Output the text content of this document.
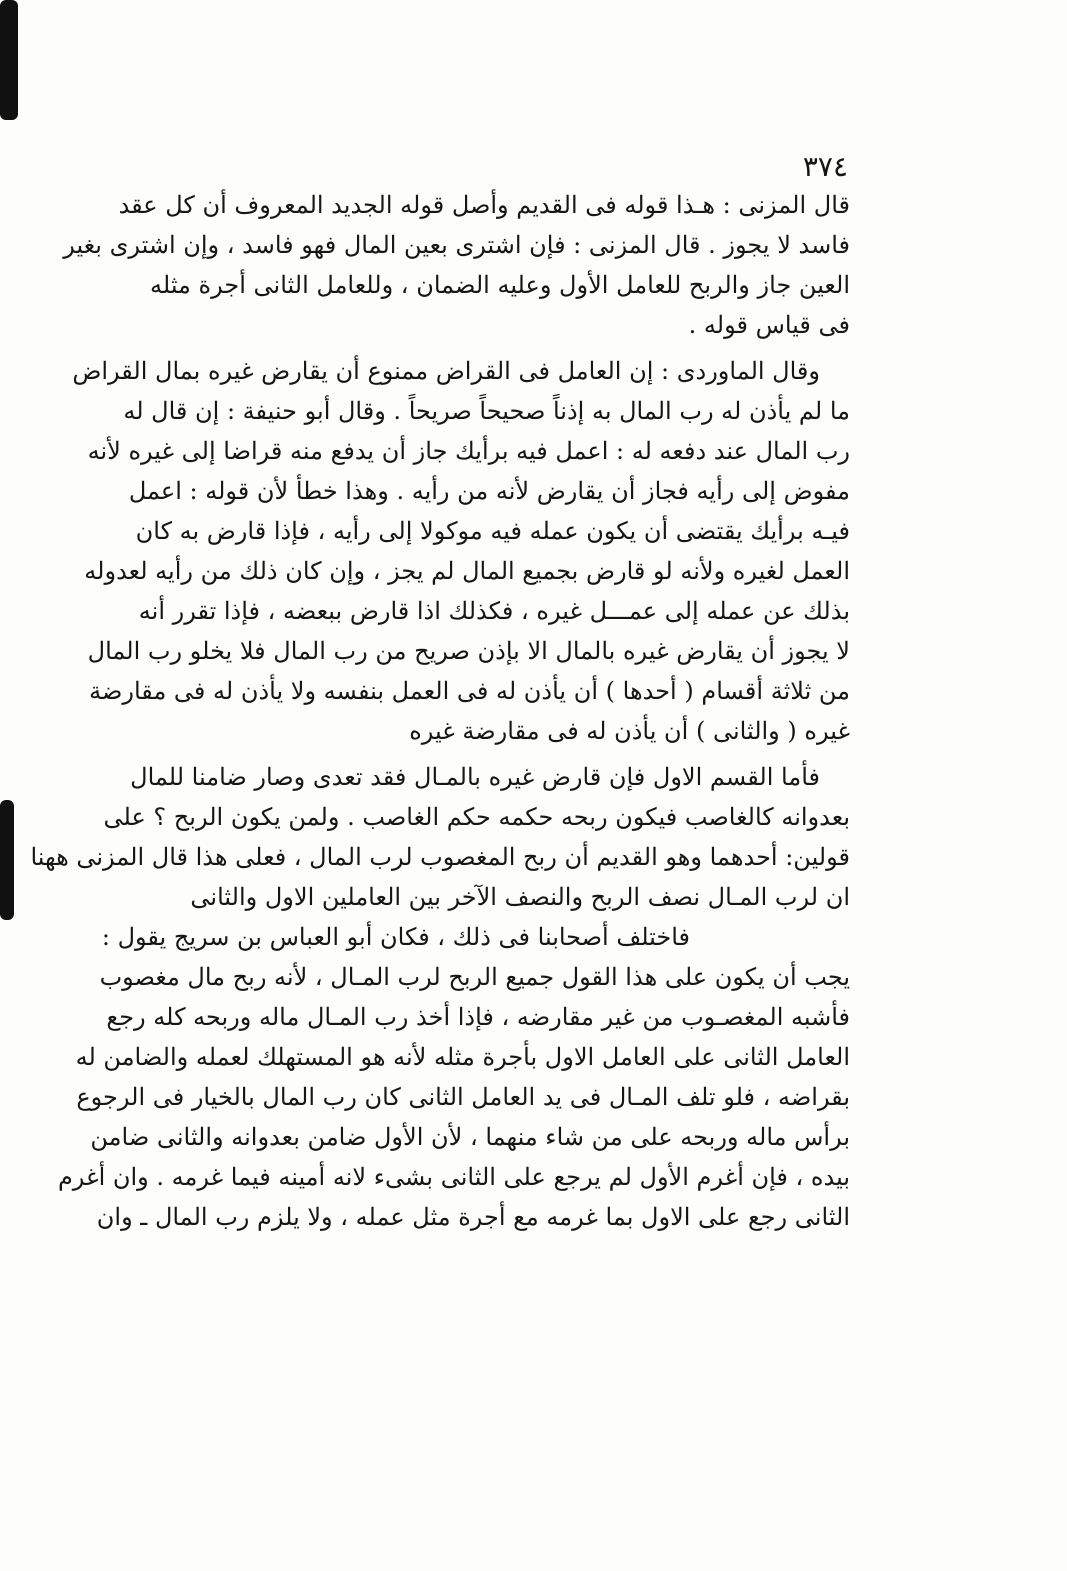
٣٧٤
قال المزنى : هـذا قوله فى القديم وأصل قوله الجديد المعروف أن كل عقد
فاسد لا يجوز . قال المزنى : فإن اشترى بعين المال فهو فاسد ، وإن اشترى بغير
العين جاز والربح للعامل الأول وعليه الضمان ، وللعامل الثانى أجرة مثله
فى قياس قوله .
وقال الماوردى : إن العامل فى القراض ممنوع أن يقارض غيره بمال القراض
ما لم يأذن له رب المال به إذناً صحيحاً صريحاً . وقال أبو حنيفة : إن قال له
رب المال عند دفعه له : اعمل فيه برأيك جاز أن يدفع منه قراضا إلى غيره لأنه
مفوض إلى رأيه فجاز أن يقارض لأنه من رأيه . وهذا خطأ لأن قوله : اعمل
فيـه برأيك يقتضى أن يكون عمله فيه موكولا إلى رأيه ، فإذا قارض به كان
العمل لغيره ولأنه لو قارض بجميع المال لم يجز ، وإن كان ذلك من رأيه لعدوله
بذلك عن عمله إلى عمـــل غيره ، فكذلك اذا قارض ببعضه ، فإذا تقرر أنه
لا يجوز أن يقارض غيره بالمال الا بإذن صريح من رب المال فلا يخلو رب المال
من ثلاثة أقسام ( أحدها ) أن يأذن له فى العمل بنفسه ولا يأذن له فى مقارضة
غيره ( والثانى ) أن يأذن له فى مقارضة غيره
فأما القسم الاول فإن قارض غيره بالمـال فقد تعدى وصار ضامنا للمال
بعدوانه كالغاصب فيكون ربحه حكمه حكم الغاصب . ولمن يكون الربح ؟ على
قولين: أحدهما وهو القديم أن ربح المغصوب لرب المال ، فعلى هذا قال المزنى ههنا
ان لرب المـال نصف الربح والنصف الآخر بين العاملين الاول والثانى
فاختلف أصحابنا فى ذلك ، فكان أبو العباس بن سريج يقول :
يجب أن يكون على هذا القول جميع الربح لرب المـال ، لأنه ربح مال مغصوب
فأشبه المغصـوب من غير مقارضه ، فإذا أخذ رب المـال ماله وربحه كله رجع
العامل الثانى على العامل الاول بأجرة مثله لأنه هو المستهلك لعمله والضامن له
بقراضه ، فلو تلف المـال فى يد العامل الثانى كان رب المال بالخيار فى الرجوع
برأس ماله وربحه على من شاء منهما ، لأن الأول ضامن بعدوانه والثانى ضامن
بيده ، فإن أغرم الأول لم يرجع على الثانى بشىء لانه أمينه فيما غرمه . وان أغرم
الثانى رجع على الاول بما غرمه مع أجرة مثل عمله ، ولا يلزم رب المال ـ وان
